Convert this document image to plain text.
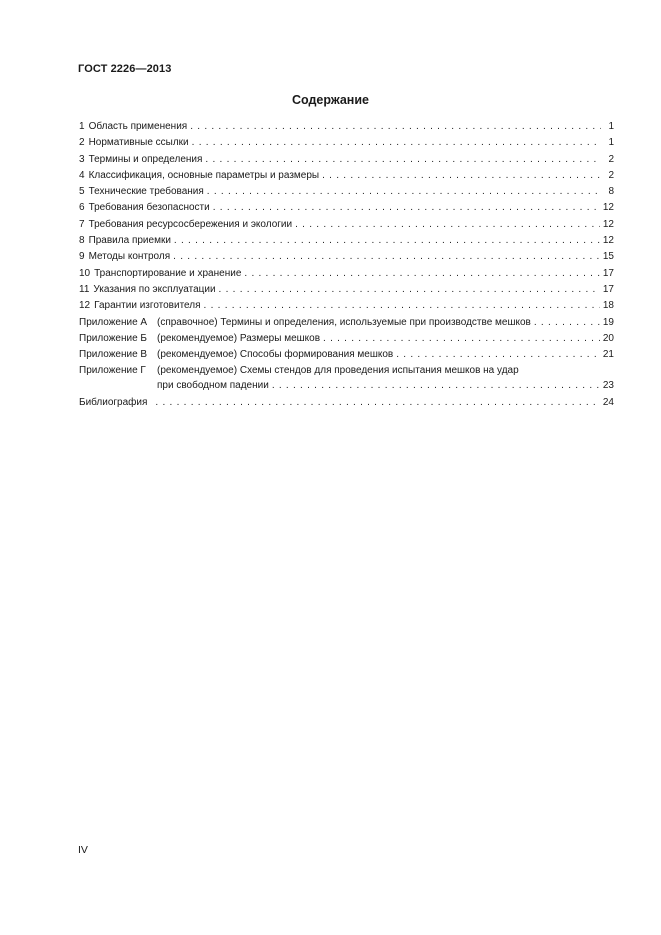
ГОСТ 2226—2013
Содержание
1 Область применения . . .	1
2 Нормативные ссылки . . .	1
3 Термины и определения . . .	2
4 Классификация, основные параметры и размеры . . .	2
5 Технические требования . . .	8
6 Требования безопасности . . .	12
7 Требования ресурсосбережения и экологии . . .	12
8 Правила приемки . . .	12
9 Методы контроля . . .	15
10 Транспортирование и хранение . . .	17
11 Указания по эксплуатации . . .	17
12 Гарантии изготовителя . . .	18
Приложение А (справочное) Термины и определения, используемые при производстве мешков . . .	19
Приложение Б	(рекомендуемое) Размеры мешков . . .	20
Приложение В (рекомендуемое) Способы формирования мешков . . .	21
Приложение Г	(рекомендуемое) Схемы стендов для проведения испытания мешков на удар
при свободном падении . . .	23
Библиография . . .	24
IV
